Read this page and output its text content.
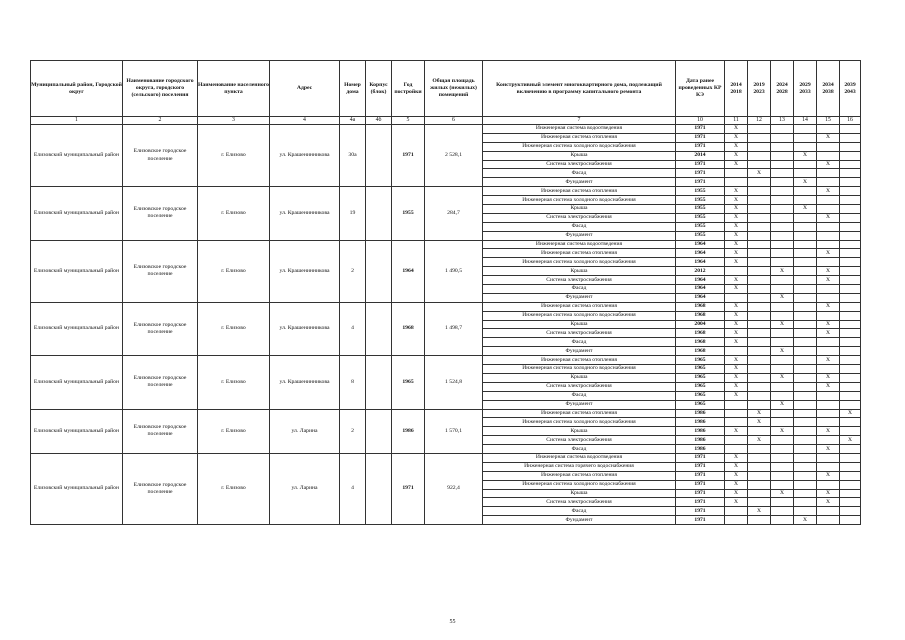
Муниципальный район, Городской округ	Наименование городского округа, городского (сельского) поселения	Наименование населенного пункта	Адрес	Номер дома	Корпус (блок)	Год постройки	Общая площадь жилых (нежилых) помещений	Конструктивный элемент многоквартирного дома, подлежащий включению в программу капитального ремонта	Дата ранее проведенных КР КЭ	2014 2018	2019 2023	2024 2028	2029 2033	2034 2038	2039 2043
1	2	3	4	4а	4б	5	6	7	10	11	12	13	14	15	16
Елизовский муниципальный район	Елизовское городское поселение	г. Елизово	ул. Крашенинникова	30а		1971	2 528,1	Инженерная система водоотведения	1971	X					
								Инженерная система отопления	1971	X				X	
								Инженерная система холодного водоснабжения	1971	X					
								Крыша	2014	X			X		
								Система электроснабжения	1971	X				X	
								Фасад	1971		X				
								Фундамент	1971				X		
Елизовский муниципальный район	Елизовское городское поселение	г. Елизово	ул. Крашенинникова	19		1955	284,7	Инженерная система отопления	1955	X				X	
								Инженерная система холодного водоснабжения	1955	X					
								Крыша	1955	X			X		
								Система электроснабжения	1955	X				X	
								Фасад	1955	X					
								Фундамент	1955	X					
Елизовский муниципальный район	Елизовское городское поселение	г. Елизово	ул. Крашенинникова	2		1964	1 490,5	Инженерная система водоотведения	1964	X					
								Инженерная система отопления	1964	X				X	
								Инженерная система холодного водоснабжения	1964	X					
								Крыша	2012			X		X	
								Система электроснабжения	1964	X				X	
								Фасад	1964	X					
								Фундамент	1964			X			
Елизовский муниципальный район	Елизовское городское поселение	г. Елизово	ул. Крашенинникова	4		1968	1 498,7	Инженерная система отопления	1968	X				X	
								Инженерная система холодного водоснабжения	1968	X					
								Крыша	2004	X		X		X	
								Система электроснабжения	1968	X				X	
								Фасад	1968	X					
								Фундамент	1968			X			
Елизовский муниципальный район	Елизовское городское поселение	г. Елизово	ул. Крашенинникова	8		1965	1 524,8	Инженерная система отопления	1965	X				X	
								Инженерная система холодного водоснабжения	1965	X					
								Крыша	1965	X		X		X	
								Система электроснабжения	1965	X				X	
								Фасад	1965	X					
								Фундамент	1965			X			
Елизовский муниципальный район	Елизовское городское поселение	г. Елизово	ул. Ларина	2		1986	1 570,1	Инженерная система отопления	1986		X				X
								Инженерная система холодного водоснабжения	1986		X				
								Крыша	1986	X		X		X	
								Система электроснабжения	1986		X				X
								Фасад	1986					X	
Елизовский муниципальный район	Елизовское городское поселение	г. Елизово	ул. Ларина	4		1971	922,4	Инженерная система водоотведения	1971	X					
								Инженерная система горячего водоснабжения	1971	X					
								Инженерная система отопления	1971	X				X	
								Инженерная система холодного водоснабжения	1971	X					
								Крыша	1971	X		X		X	
								Система электроснабжения	1971	X				X	
								Фасад	1971		X				
								Фундамент	1971				X		
55
